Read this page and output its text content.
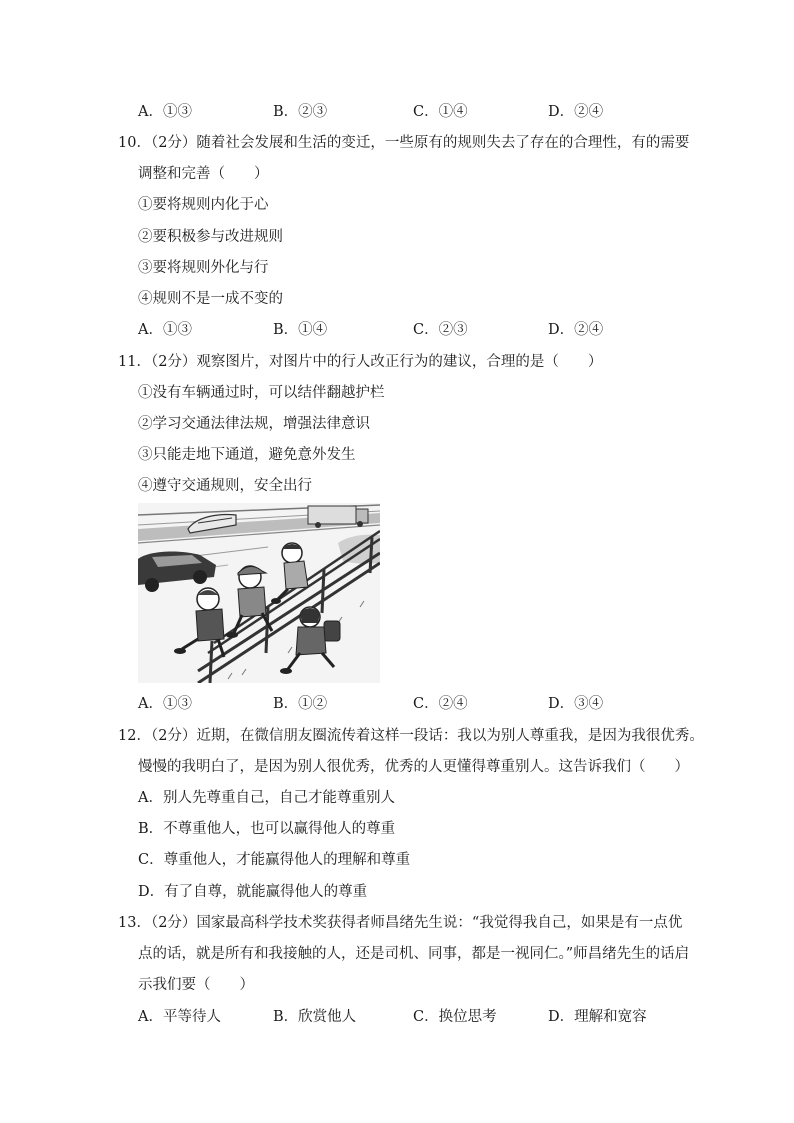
A．①③	B．②③	C．①④	D．②④
10．（2分）随着社会发展和生活的变迁，一些原有的规则失去了存在的合理性，有的需要
调整和完善（　　）
①要将规则内化于心
②要积极参与改进规则
③要将规则外化与行
④规则不是一成不变的
A．①③	B．①④	C．②③	D．②④
11．（2分）观察图片，对图片中的行人改正行为的建议，合理的是（　　）
①没有车辆通过时，可以结伴翻越护栏
②学习交通法律法规，增强法律意识
③只能走地下通道，避免意外发生
④遵守交通规则，安全出行
A．①③	B．①②	C．②④	D．③④
12．（2分）近期，在微信朋友圈流传着这样一段话：我以为别人尊重我，是因为我很优秀。
慢慢的我明白了，是因为别人很优秀，优秀的人更懂得尊重别人。这告诉我们（　　）
A．别人先尊重自己，自己才能尊重别人
B．不尊重他人，也可以赢得他人的尊重
C．尊重他人，才能赢得他人的理解和尊重
D．有了自尊，就能赢得他人的尊重
13．（2分）国家最高科学技术奖获得者师昌绪先生说：“我觉得我自己，如果是有一点优
点的话，就是所有和我接触的人，还是司机、同事，都是一视同仁。”师昌绪先生的话启
示我们要（　　）
A．平等待人	B．欣赏他人	C．换位思考	D．理解和宽容
